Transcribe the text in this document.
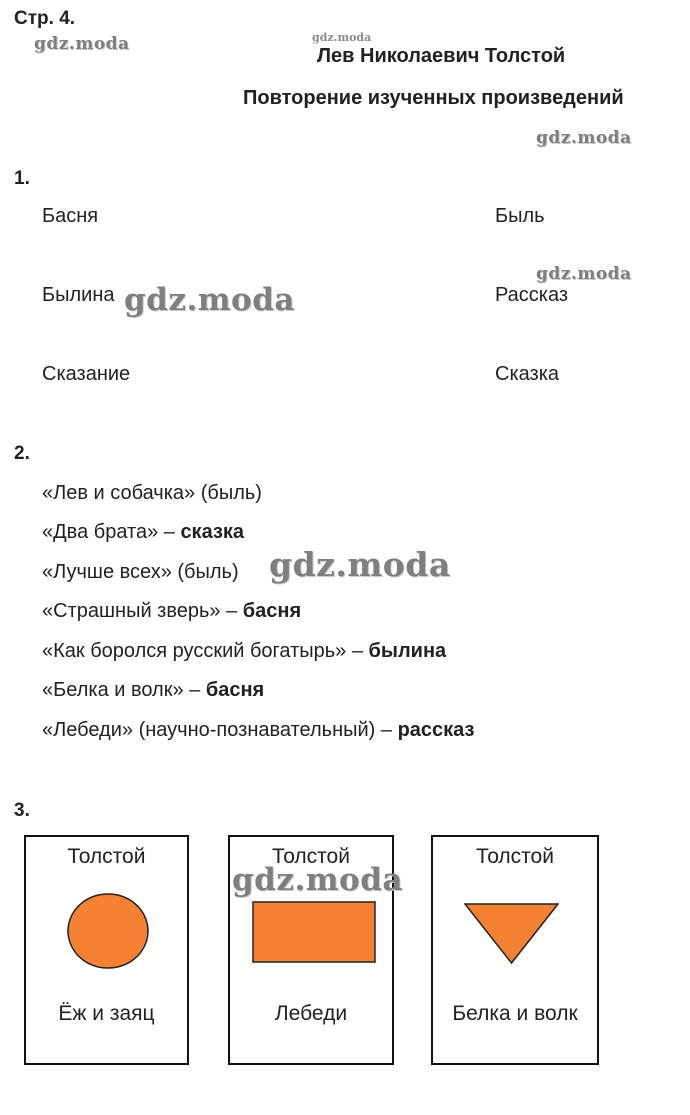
Стр. 4.
Лев Николаевич Толстой
Повторение изученных произведений
gdz.moda	gdz.moda
gdz.moda
gdz.moda
gdz.moda
gdz.moda
1.
Басня	Быль
Былина	Рассказ
Сказание	Сказка
2.
«Лев и собачка» (быль)
«Два брата» – сказка
«Лучше всех» (быль)
«Страшный зверь» – басня
«Как боролся русский богатырь» – былина
«Белка и волк» – басня
«Лебеди» (научно-познавательный) – рассказ
3.
Толстой
Ёж и заяц
Толстой
Лебеди
Толстой
Белка и волк
gdz.moda
